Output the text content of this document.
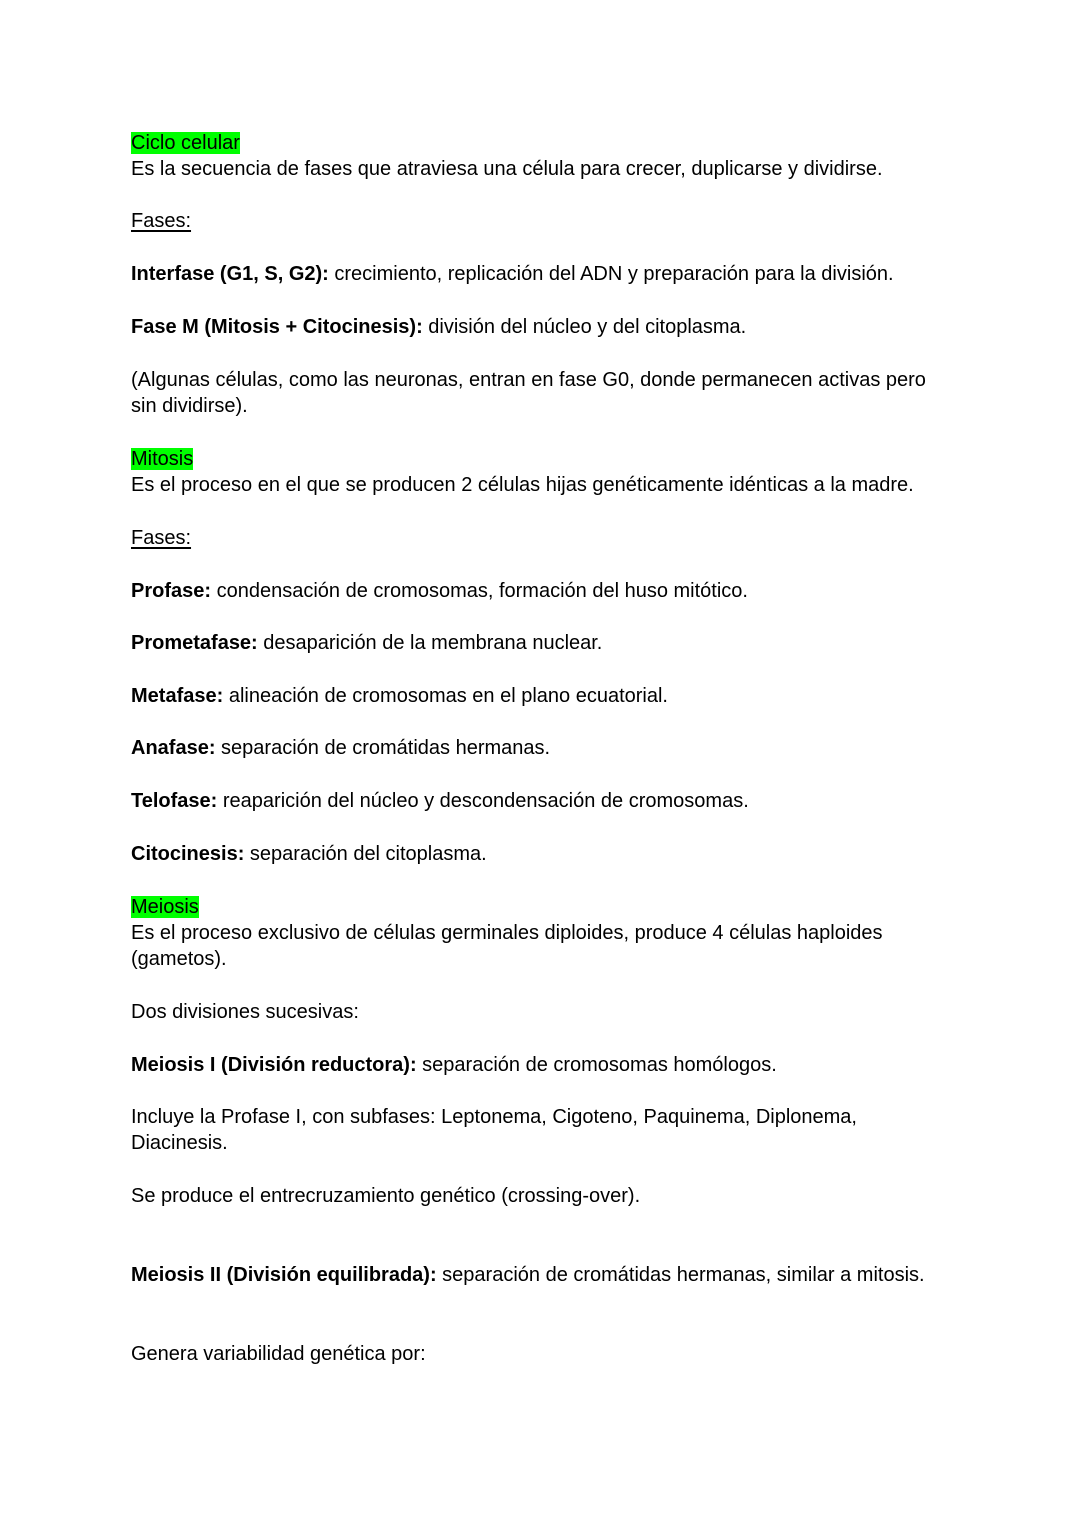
Ciclo celular
Es la secuencia de fases que atraviesa una célula para crecer, duplicarse y dividirse.
Fases:
Interfase (G1, S, G2): crecimiento, replicación del ADN y preparación para la división.
Fase M (Mitosis + Citocinesis): división del núcleo y del citoplasma.
(Algunas células, como las neuronas, entran en fase G0, donde permanecen activas pero
sin dividirse).
Mitosis
Es el proceso en el que se producen 2 células hijas genéticamente idénticas a la madre.
Fases:
Profase: condensación de cromosomas, formación del huso mitótico.
Prometafase: desaparición de la membrana nuclear.
Metafase: alineación de cromosomas en el plano ecuatorial.
Anafase: separación de cromátidas hermanas.
Telofase: reaparición del núcleo y descondensación de cromosomas.
Citocinesis: separación del citoplasma.
Meiosis
Es el proceso exclusivo de células germinales diploides, produce 4 células haploides
(gametos).
Dos divisiones sucesivas:
Meiosis I (División reductora): separación de cromosomas homólogos.
Incluye la Profase I, con subfases: Leptonema, Cigoteno, Paquinema, Diplonema,
Diacinesis.
Se produce el entrecruzamiento genético (crossing-over).
Meiosis II (División equilibrada): separación de cromátidas hermanas, similar a mitosis.
Genera variabilidad genética por:
